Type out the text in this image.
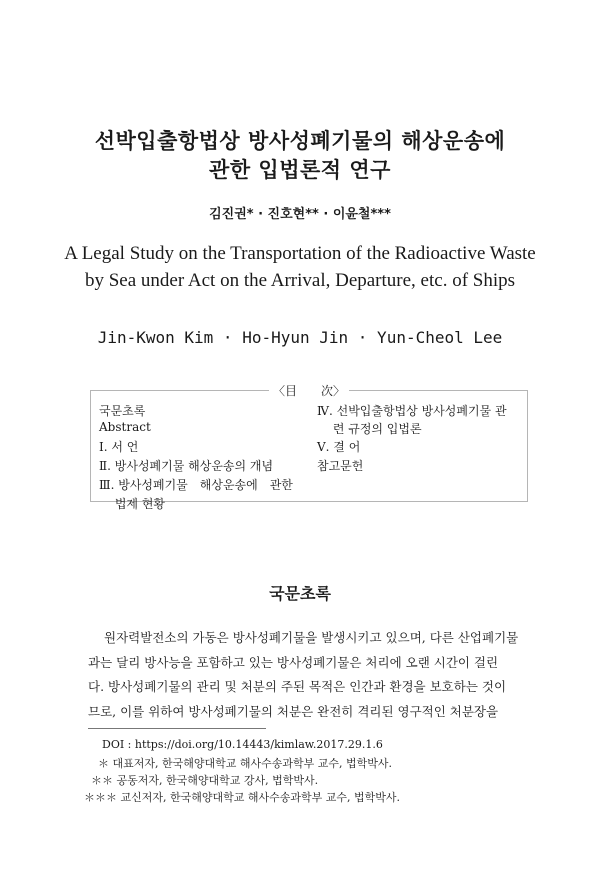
선박입출항법상 방사성폐기물의 해상운송에
관한 입법론적 연구
김진권* · 진호현** · 이윤철***
A Legal Study on the Transportation of the Radioactive Waste by Sea under Act on the Arrival, Departure, etc. of Ships
Jin-Kwon Kim · Ho-Hyun Jin · Yun-Cheol Lee
〈目　　次〉
국문초록
Abstract
Ⅰ. 서 언
Ⅱ. 방사성폐기물 해상운송의 개념
Ⅲ. 방사성폐기물　해상운송에　관한
　 법제 현황
Ⅳ. 선박입출항법상 방사성폐기물 관
　 련 규정의 입법론
Ⅴ. 결 어
참고문헌
국문초록
원자력발전소의 가동은 방사성폐기물을 발생시키고 있으며, 다른 산업폐기물
과는 달리 방사능을 포함하고 있는 방사성폐기물은 처리에 오랜 시간이 걸린
다. 방사성폐기물의 관리 및 처분의 주된 목적은 인간과 환경을 보호하는 것이
므로, 이를 위하여 방사성폐기물의 처분은 완전히 격리된 영구적인 처분장을
DOI : https://doi.org/10.14443/kimlaw.2017.29.1.6
＊ 대표저자, 한국해양대학교 해사수송과학부 교수, 법학박사.
＊＊ 공동저자, 한국해양대학교 강사, 법학박사.
＊＊＊ 교신저자, 한국해양대학교 해사수송과학부 교수, 법학박사.
